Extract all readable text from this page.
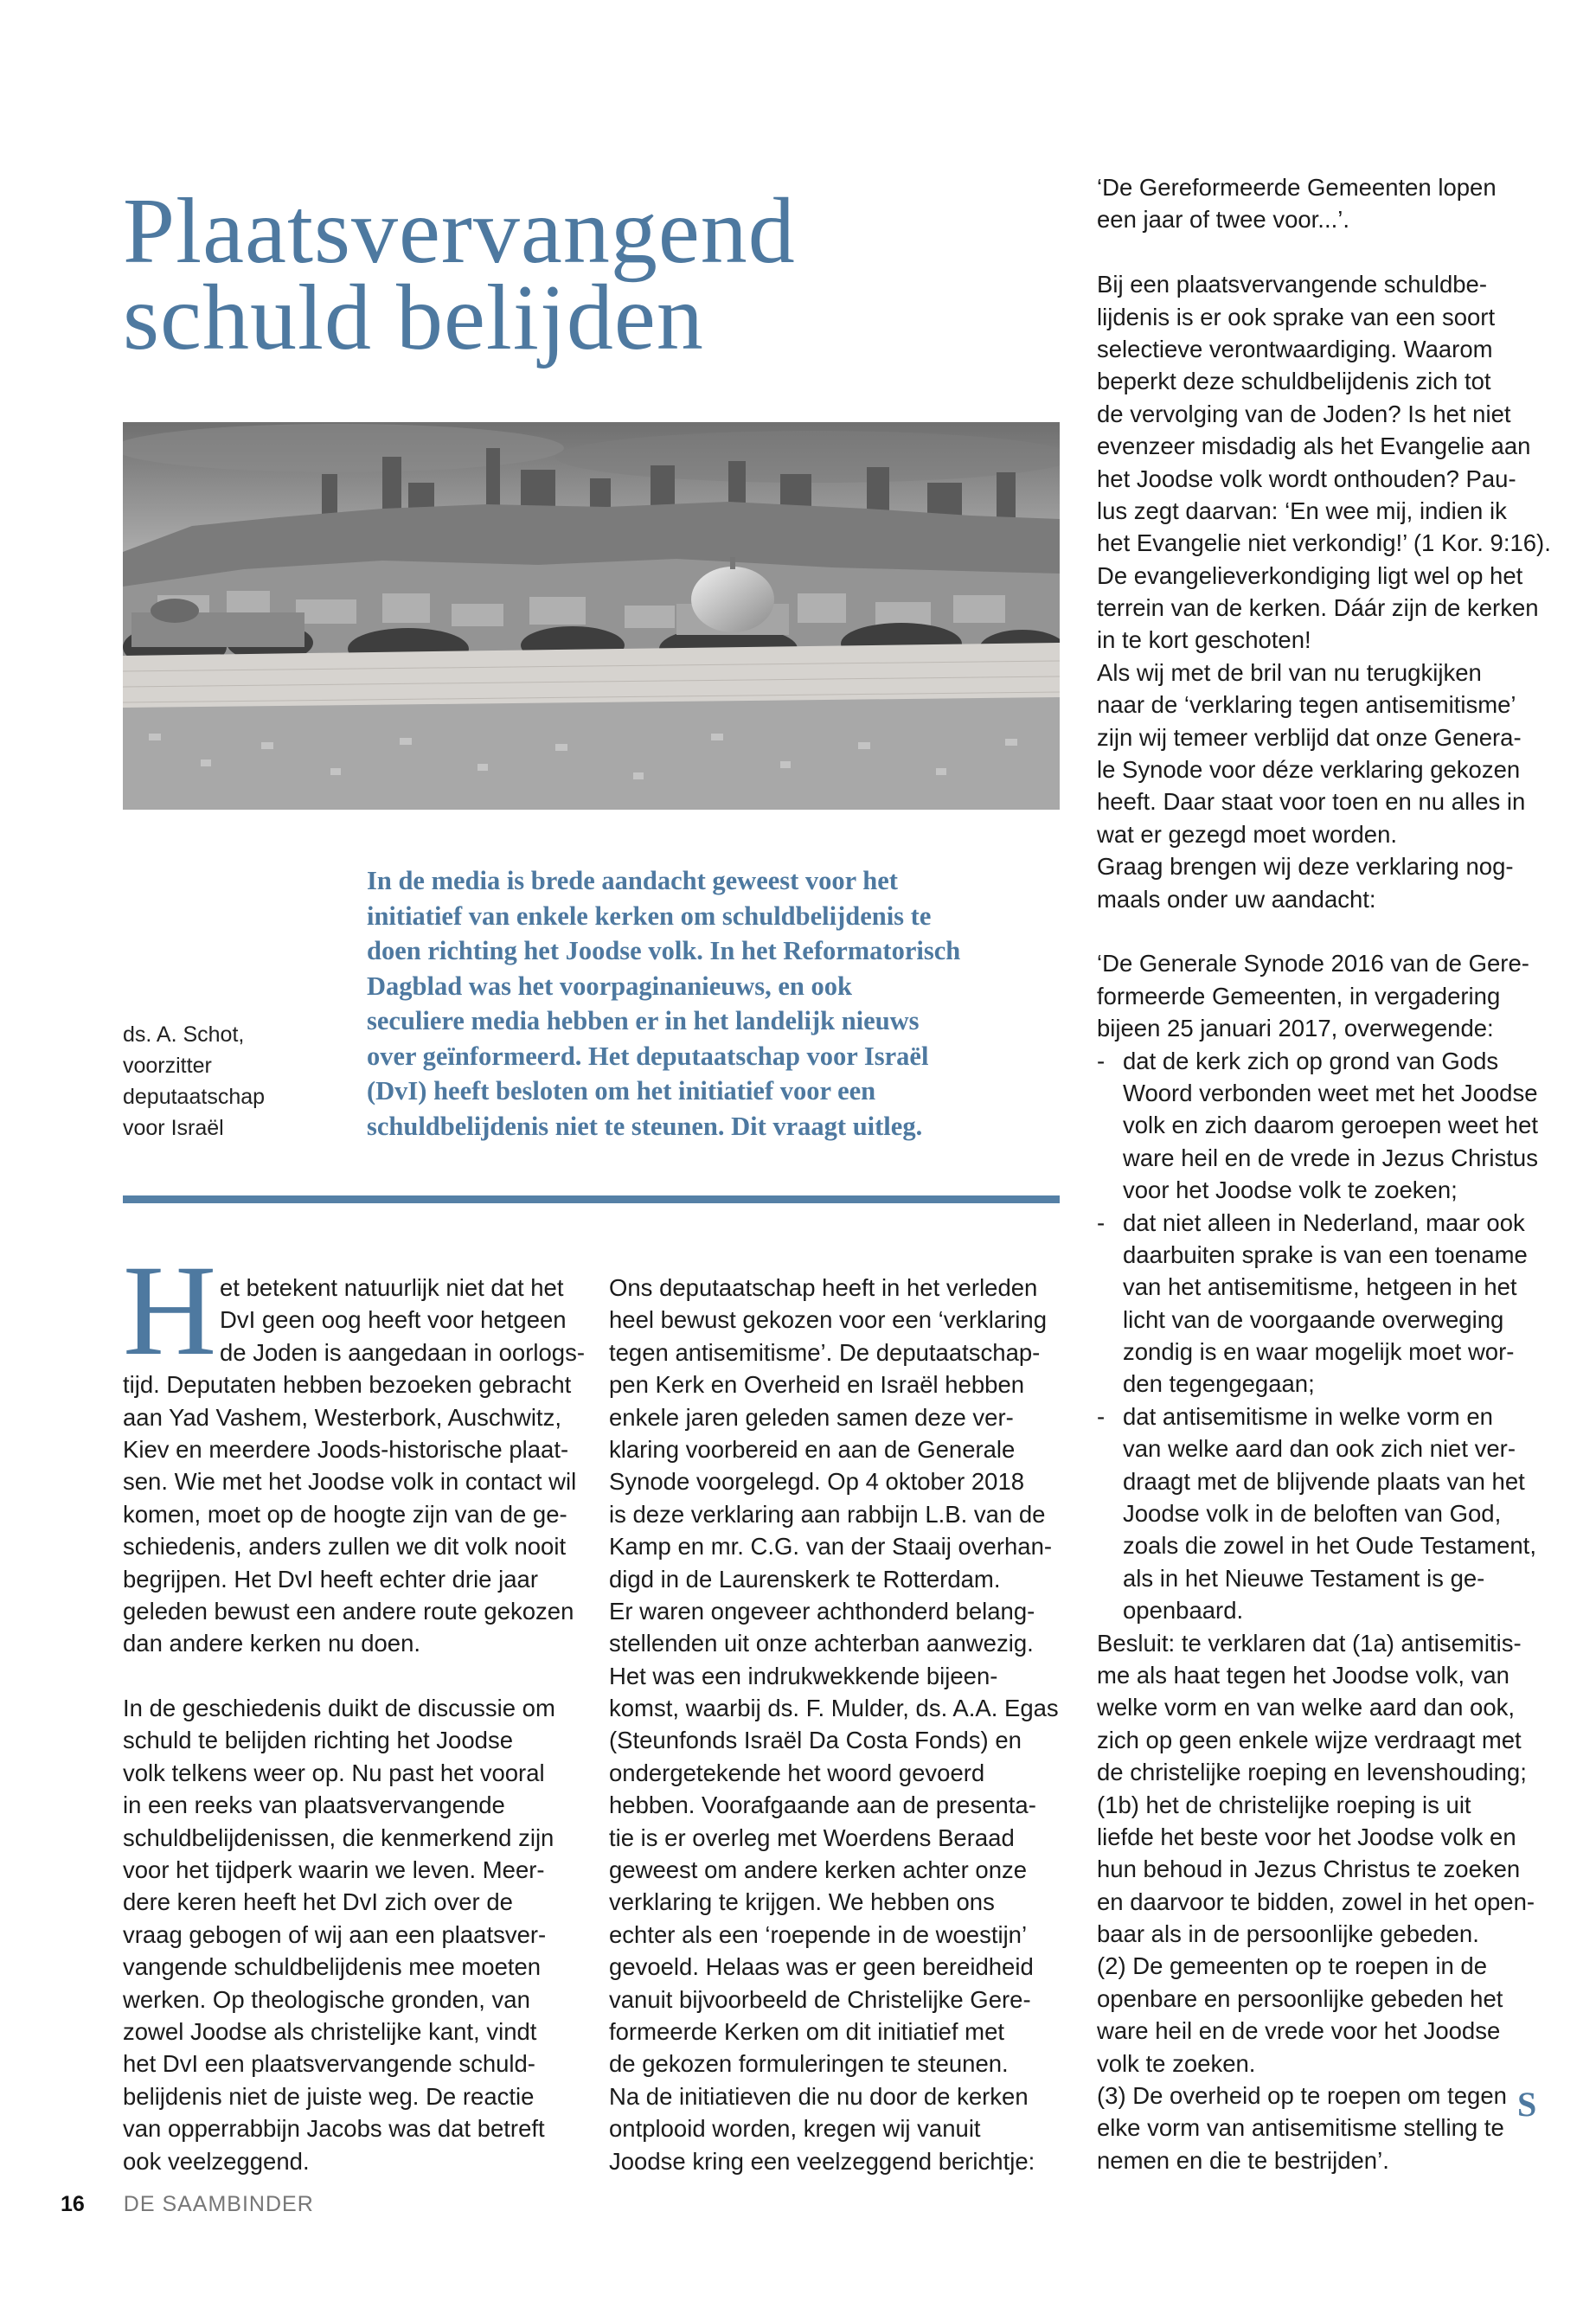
Plaatsvervangend
schuld belijden
ds. A. Schot,
voorzitter
deputaatschap
voor Israël

In de media is brede aandacht geweest voor het
initiatief van enkele kerken om schuldbelijdenis te
doen richting het Joodse volk. In het Reformatorisch
Dagblad was het voorpaginanieuws, en ook
seculiere media hebben er in het landelijk nieuws
over geïnformeerd. Het deputaatschap voor Israël
(DvI) heeft besloten om het initiatief voor een
schuldbelijdenis niet te steunen. Dit vraagt uitleg.

H et betekent natuurlijk niet dat het
DvI geen oog heeft voor hetgeen
de Joden is aangedaan in oorlogs-
tijd. Deputaten hebben bezoeken gebracht
aan Yad Vashem, Westerbork, Auschwitz,
Kiev en meerdere Joods-historische plaat-
sen. Wie met het Joodse volk in contact wil
komen, moet op de hoogte zijn van de ge-
schiedenis, anders zullen we dit volk nooit
begrijpen. Het DvI heeft echter drie jaar
geleden bewust een andere route gekozen
dan andere kerken nu doen.
In de geschiedenis duikt de discussie om
schuld te belijden richting het Joodse
volk telkens weer op. Nu past het vooral
in een reeks van plaatsvervangende
schuldbelijdenissen, die kenmerkend zijn
voor het tijdperk waarin we leven. Meer-
dere keren heeft het DvI zich over de
vraag gebogen of wij aan een plaatsver-
vangende schuldbelijdenis mee moeten
werken. Op theologische gronden, van
zowel Joodse als christelijke kant, vindt
het DvI een plaatsvervangende schuld-
belijdenis niet de juiste weg. De reactie
van opperrabbijn Jacobs was dat betreft
ook veelzeggend.
Ons deputaatschap heeft in het verleden
heel bewust gekozen voor een ‘verklaring
tegen antisemitisme’. De deputaatschap-
pen Kerk en Overheid en Israël hebben
enkele jaren geleden samen deze ver-
klaring voorbereid en aan de Generale
Synode voorgelegd. Op 4 oktober 2018
is deze verklaring aan rabbijn L.B. van de
Kamp en mr. C.G. van der Staaij overhan-
digd in de Laurenskerk te Rotterdam.
Er waren ongeveer achthonderd belang-
stellenden uit onze achterban aanwezig.
Het was een indrukwekkende bijeen-
komst, waarbij ds. F. Mulder, ds. A.A. Egas
(Steunfonds Israël Da Costa Fonds) en
ondergetekende het woord gevoerd
hebben. Voorafgaande aan de presenta-
tie is er overleg met Woerdens Beraad
geweest om andere kerken achter onze
verklaring te krijgen. We hebben ons
echter als een ‘roepende in de woestijn’
gevoeld. Helaas was er geen bereidheid
vanuit bijvoorbeeld de Christelijke Gere-
formeerde Kerken om dit initiatief met
de gekozen formuleringen te steunen.
Na de initiatieven die nu door de kerken
ontplooid worden, kregen wij vanuit
Joodse kring een veelzeggend berichtje:
‘De Gereformeerde Gemeenten lopen
een jaar of twee voor...’.
Bij een plaatsvervangende schuldbe-
lijdenis is er ook sprake van een soort
selectieve verontwaardiging. Waarom
beperkt deze schuldbelijdenis zich tot
de vervolging van de Joden? Is het niet
evenzeer misdadig als het Evangelie aan
het Joodse volk wordt onthouden? Pau-
lus zegt daarvan: ‘En wee mij, indien ik
het Evangelie niet verkondig!’ (1 Kor. 9:16).
De evangelieverkondiging ligt wel op het
terrein van de kerken. Dáár zijn de kerken
in te kort geschoten!
Als wij met de bril van nu terugkijken
naar de ‘verklaring tegen antisemitisme’
zijn wij temeer verblijd dat onze Genera-
le Synode voor déze verklaring gekozen
heeft. Daar staat voor toen en nu alles in
wat er gezegd moet worden.
Graag brengen wij deze verklaring nog-
maals onder uw aandacht:
‘De Generale Synode 2016 van de Gere-
formeerde Gemeenten, in vergadering
bijeen 25 januari 2017, overwegende:
- dat de kerk zich op grond van Gods
Woord verbonden weet met het Joodse
volk en zich daarom geroepen weet het
ware heil en de vrede in Jezus Christus
voor het Joodse volk te zoeken;
- dat niet alleen in Nederland, maar ook
daarbuiten sprake is van een toename
van het antisemitisme, hetgeen in het
licht van de voorgaande overweging
zondig is en waar mogelijk moet wor-
den tegengegaan;
- dat antisemitisme in welke vorm en
van welke aard dan ook zich niet ver-
draagt met de blijvende plaats van het
Joodse volk in de beloften van God,
zoals die zowel in het Oude Testament,
als in het Nieuwe Testament is ge-
openbaard.
Besluit: te verklaren dat (1a) antisemitis-
me als haat tegen het Joodse volk, van
welke vorm en van welke aard dan ook,
zich op geen enkele wijze verdraagt met
de christelijke roeping en levenshouding;
(1b) het de christelijke roeping is uit
liefde het beste voor het Joodse volk en
hun behoud in Jezus Christus te zoeken
en daarvoor te bidden, zowel in het open-
baar als in de persoonlijke gebeden.
(2) De gemeenten op te roepen in de
openbare en persoonlijke gebeden het
ware heil en de vrede voor het Joodse
volk te zoeken.
(3) De overheid op te roepen om tegen
elke vorm van antisemitisme stelling te
nemen en die te bestrijden’.
S
16 DE SAAMBINDER
